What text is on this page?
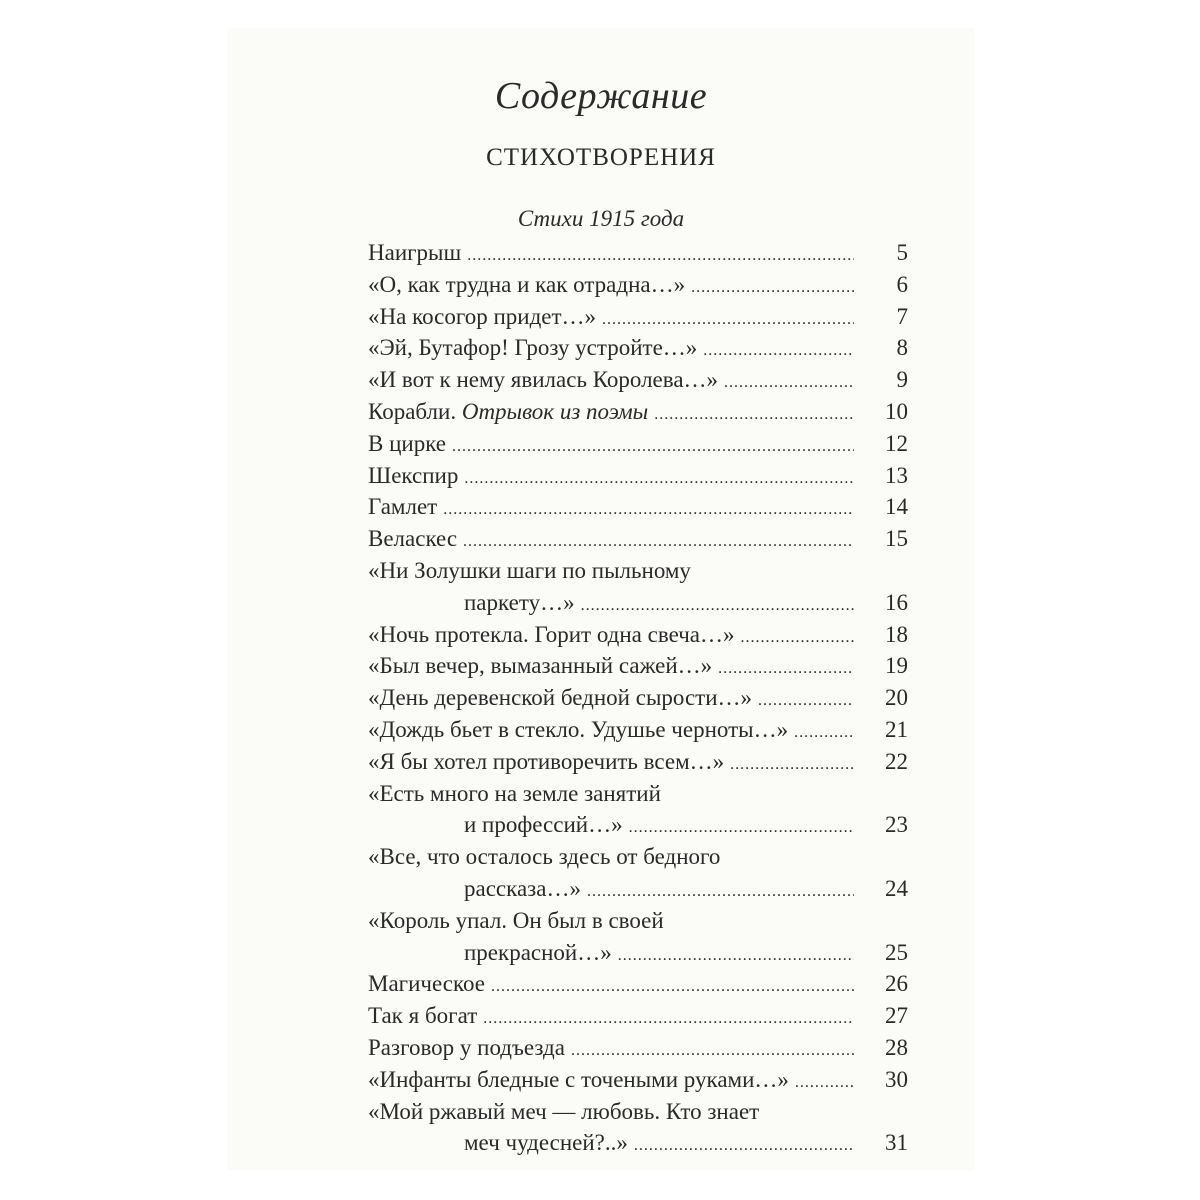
Содержание
СТИХОТВОРЕНИЯ
Стихи 1915 года
Наигрыш .....	5
«О, как трудна и как отрадна…» .....	6
«На косогор придет…» .....	7
«Эй, Бутафор! Грозу устройте…» .....	8
«И вот к нему явилась Королева…» .....	9
Корабли. Отрывок из поэмы .....	10
В цирке .....	12
Шекспир .....	13
Гамлет .....	14
Веласкес .....	15
«Ни Золушки шаги по пыльному
паркету…» .....	16
«Ночь протекла. Горит одна свеча…» .....	18
«Был вечер, вымазанный сажей…» .....	19
«День деревенской бедной сырости…» .....	20
«Дождь бьет в стекло. Удушье черноты…» .....	21
«Я бы хотел противоречить всем…» .....	22
«Есть много на земле занятий
и профессий…» .....	23
«Все, что осталось здесь от бедного
рассказа…» .....	24
«Король упал. Он был в своей
прекрасной…» .....	25
Магическое .....	26
Так я богат .....	27
Разговор у подъезда .....	28
«Инфанты бледные с точеными руками…» .....	30
«Мой ржавый меч — любовь. Кто знает
меч чудесней?..» .....	31
